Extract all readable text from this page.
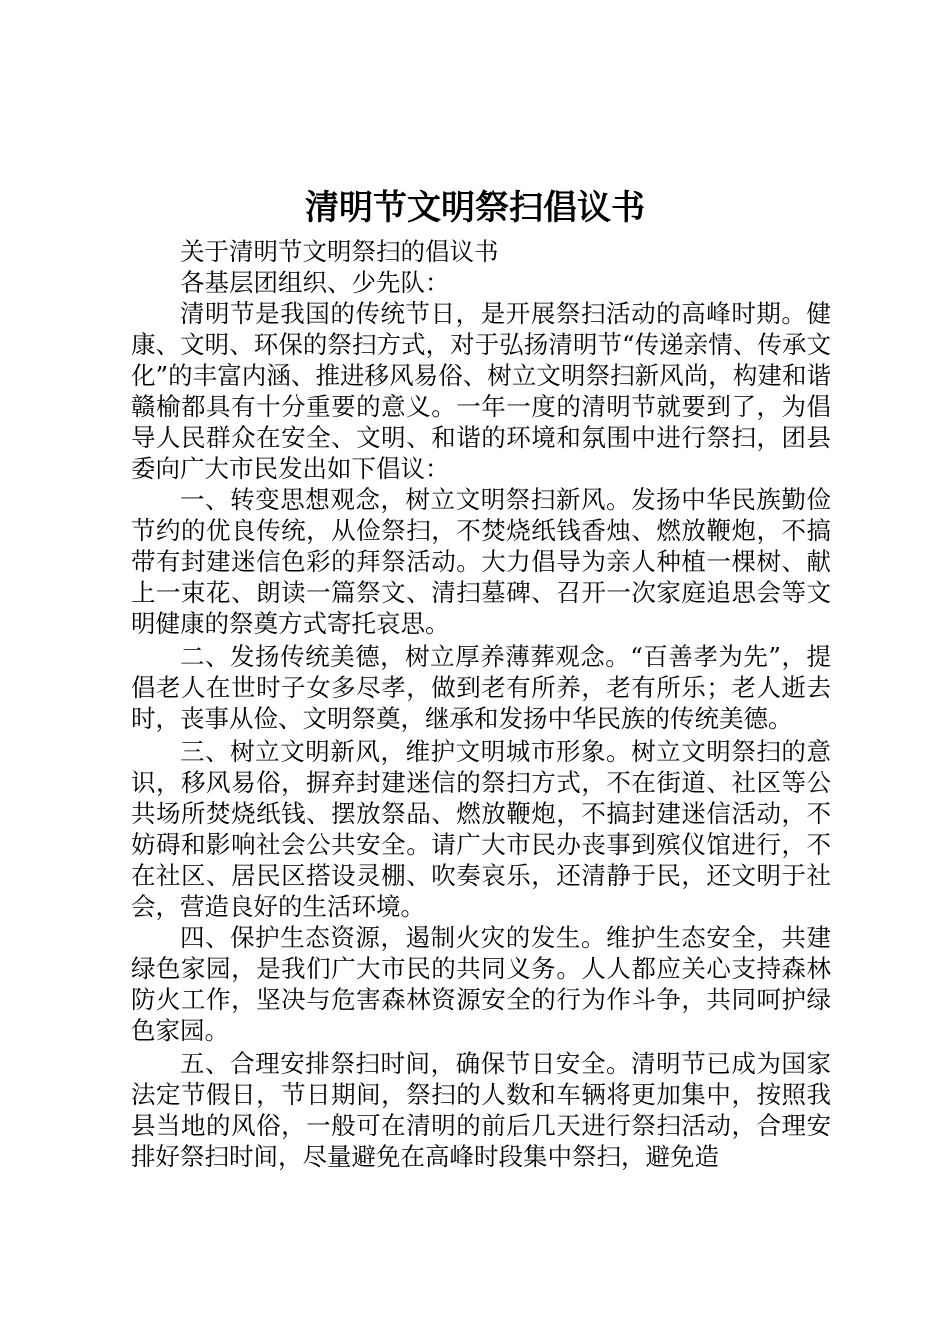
清明节文明祭扫倡议书

关于清明节文明祭扫的倡议书

各基层团组织、少先队：

清明节是我国的传统节日，是开展祭扫活动的高峰时期。健康、文明、环保的祭扫方式，对于弘扬清明节“传递亲情、传承文化”的丰富内涵、推进移风易俗、树立文明祭扫新风尚，构建和谐赣榆都具有十分重要的意义。一年一度的清明节就要到了，为倡导人民群众在安全、文明、和谐的环境和氛围中进行祭扫，团县委向广大市民发出如下倡议：

一、转变思想观念，树立文明祭扫新风。发扬中华民族勤俭节约的优良传统，从俭祭扫，不焚烧纸钱香烛、燃放鞭炮，不搞带有封建迷信色彩的拜祭活动。大力倡导为亲人种植一棵树、献上一束花、朗读一篇祭文、清扫墓碑、召开一次家庭追思会等文明健康的祭奠方式寄托哀思。

二、发扬传统美德，树立厚养薄葬观念。“百善孝为先”，提倡老人在世时子女多尽孝，做到老有所养，老有所乐；老人逝去时，丧事从俭、文明祭奠，继承和发扬中华民族的传统美德。

三、树立文明新风，维护文明城市形象。树立文明祭扫的意识，移风易俗，摒弃封建迷信的祭扫方式，不在街道、社区等公共场所焚烧纸钱、摆放祭品、燃放鞭炮，不搞封建迷信活动，不妨碍和影响社会公共安全。请广大市民办丧事到殡仪馆进行，不在社区、居民区搭设灵棚、吹奏哀乐，还清静于民，还文明于社会，营造良好的生活环境。

四、保护生态资源，遏制火灾的发生。维护生态安全，共建绿色家园，是我们广大市民的共同义务。人人都应关心支持森林防火工作，坚决与危害森林资源安全的行为作斗争，共同呵护绿色家园。

五、合理安排祭扫时间，确保节日安全。清明节已成为国家法定节假日，节日期间，祭扫的人数和车辆将更加集中，按照我县当地的风俗，一般可在清明的前后几天进行祭扫活动，合理安排好祭扫时间，尽量避免在高峰时段集中祭扫，避免造
